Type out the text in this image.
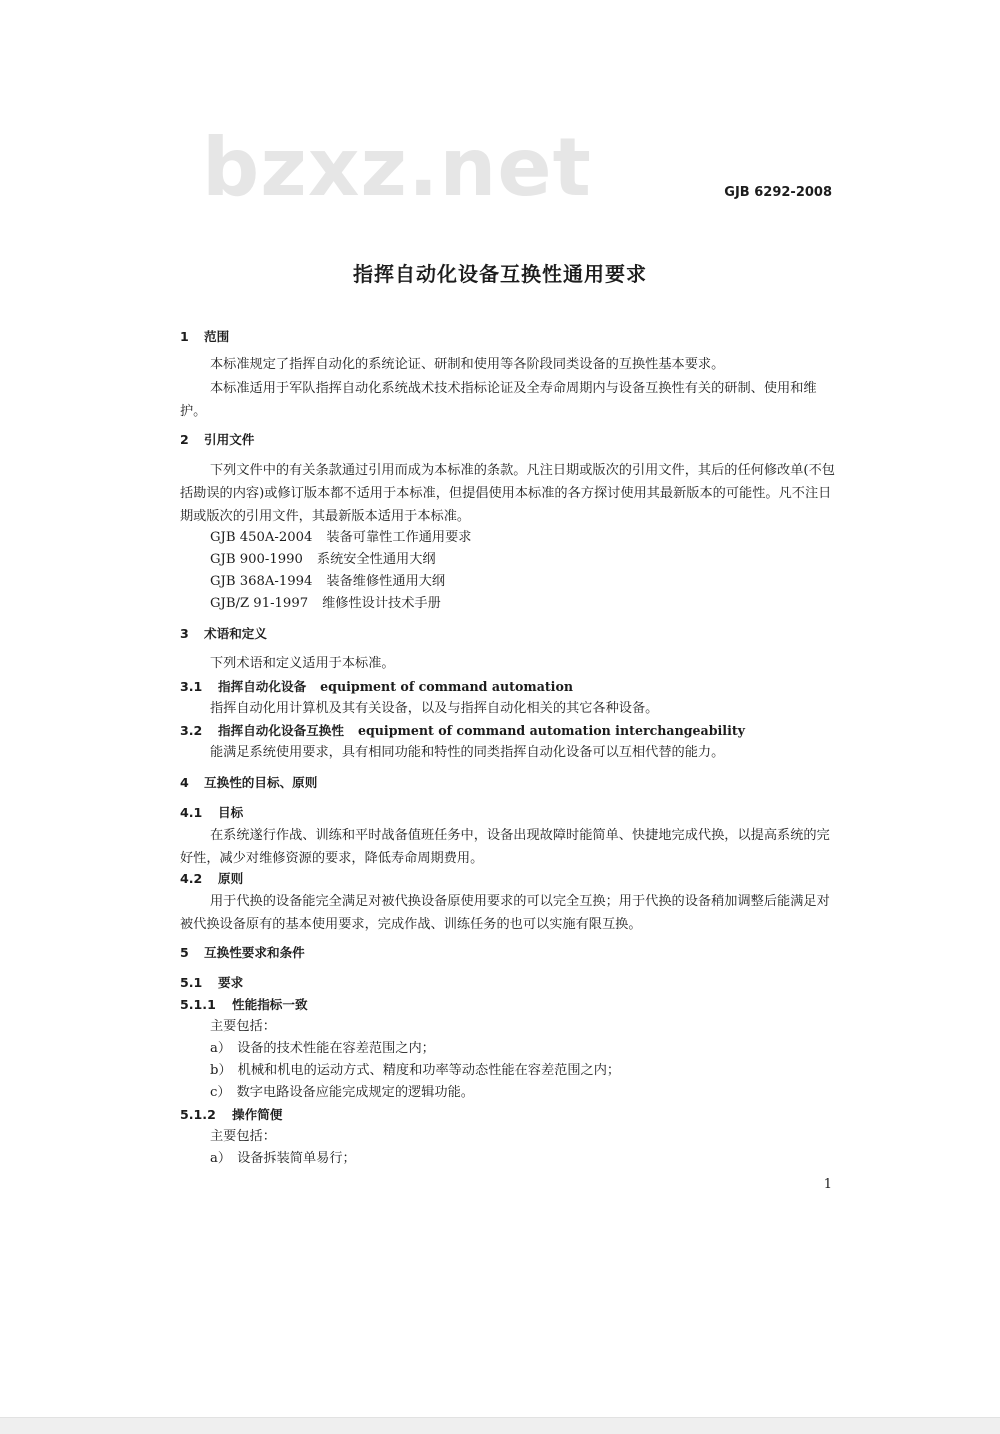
bzxz.net	GJB 6292-2008
指挥自动化设备互换性通用要求
1 范围
本标准规定了指挥自动化的系统论证、研制和使用等各阶段同类设备的互换性基本要求。
本标准适用于军队指挥自动化系统战术技术指标论证及全寿命周期内与设备互换性有关的研制、使用和维护。
2 引用文件
下列文件中的有关条款通过引用而成为本标准的条款。凡注日期或版次的引用文件，其后的任何修改单(不包括勘误的内容)或修订版本都不适用于本标准，但提倡使用本标准的各方探讨使用其最新版本的可能性。凡不注日期或版次的引用文件，其最新版本适用于本标准。
GJB 450A-2004 装备可靠性工作通用要求
GJB 900-1990 系统安全性通用大纲
GJB 368A-1994 装备维修性通用大纲
GJB/Z 91-1997 维修性设计技术手册
3 术语和定义
下列术语和定义适用于本标准。
3.1 指挥自动化设备 equipment of command automation
指挥自动化用计算机及其有关设备，以及与指挥自动化相关的其它各种设备。
3.2 指挥自动化设备互换性 equipment of command automation interchangeability
能满足系统使用要求，具有相同功能和特性的同类指挥自动化设备可以互相代替的能力。
4 互换性的目标、原则
4.1 目标
在系统遂行作战、训练和平时战备值班任务中，设备出现故障时能简单、快捷地完成代换，以提高系统的完好性，减少对维修资源的要求，降低寿命周期费用。
4.2 原则
用于代换的设备能完全满足对被代换设备原使用要求的可以完全互换；用于代换的设备稍加调整后能满足对被代换设备原有的基本使用要求，完成作战、训练任务的也可以实施有限互换。
5 互换性要求和条件
5.1 要求
5.1.1 性能指标一致
主要包括：
a） 设备的技术性能在容差范围之内；
b） 机械和机电的运动方式、精度和功率等动态性能在容差范围之内；
c） 数字电路设备应能完成规定的逻辑功能。
5.1.2 操作简便
主要包括：
a） 设备拆装简单易行；
1
